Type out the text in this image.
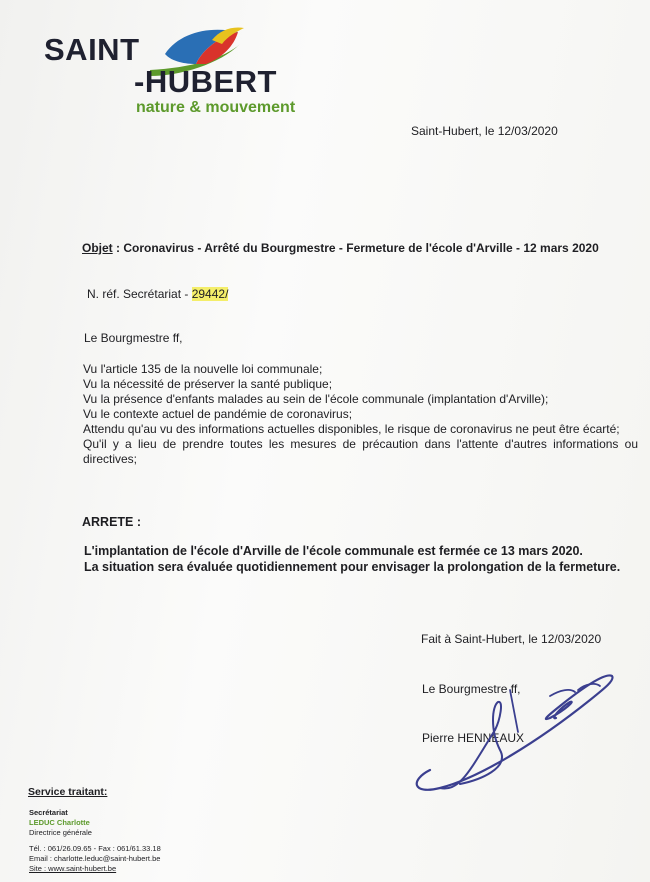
SAINT
-HUBERT
nature & mouvement
Saint-Hubert, le 12/03/2020
Objet : Coronavirus - Arrêté du Bourgmestre - Fermeture de l'école d'Arville - 12 mars 2020
N. réf. Secrétariat - 29442/
Le Bourgmestre ff,
Vu l'article 135 de la nouvelle loi communale;
Vu la nécessité de préserver la santé publique;
Vu la présence d'enfants malades au sein de l'école communale (implantation d'Arville);
Vu le contexte actuel de pandémie de coronavirus;
Attendu qu'au vu des informations actuelles disponibles, le risque de coronavirus ne peut être écarté;
Qu'il y a lieu de prendre toutes les mesures de précaution dans l'attente d'autres informations ou directives;
ARRETE :
L'implantation de l'école d'Arville de l'école communale est fermée ce 13 mars 2020.
La situation sera évaluée quotidiennement pour envisager la prolongation de la fermeture.
Fait à Saint-Hubert, le 12/03/2020
Le Bourgmestre ff,
Pierre HENNEAUX
Service traitant:
Secrétariat
LEDUC Charlotte
Directrice générale
Tél. : 061/26.09.65 - Fax : 061/61.33.18
Email : charlotte.leduc@saint-hubert.be
Site : www.saint-hubert.be
